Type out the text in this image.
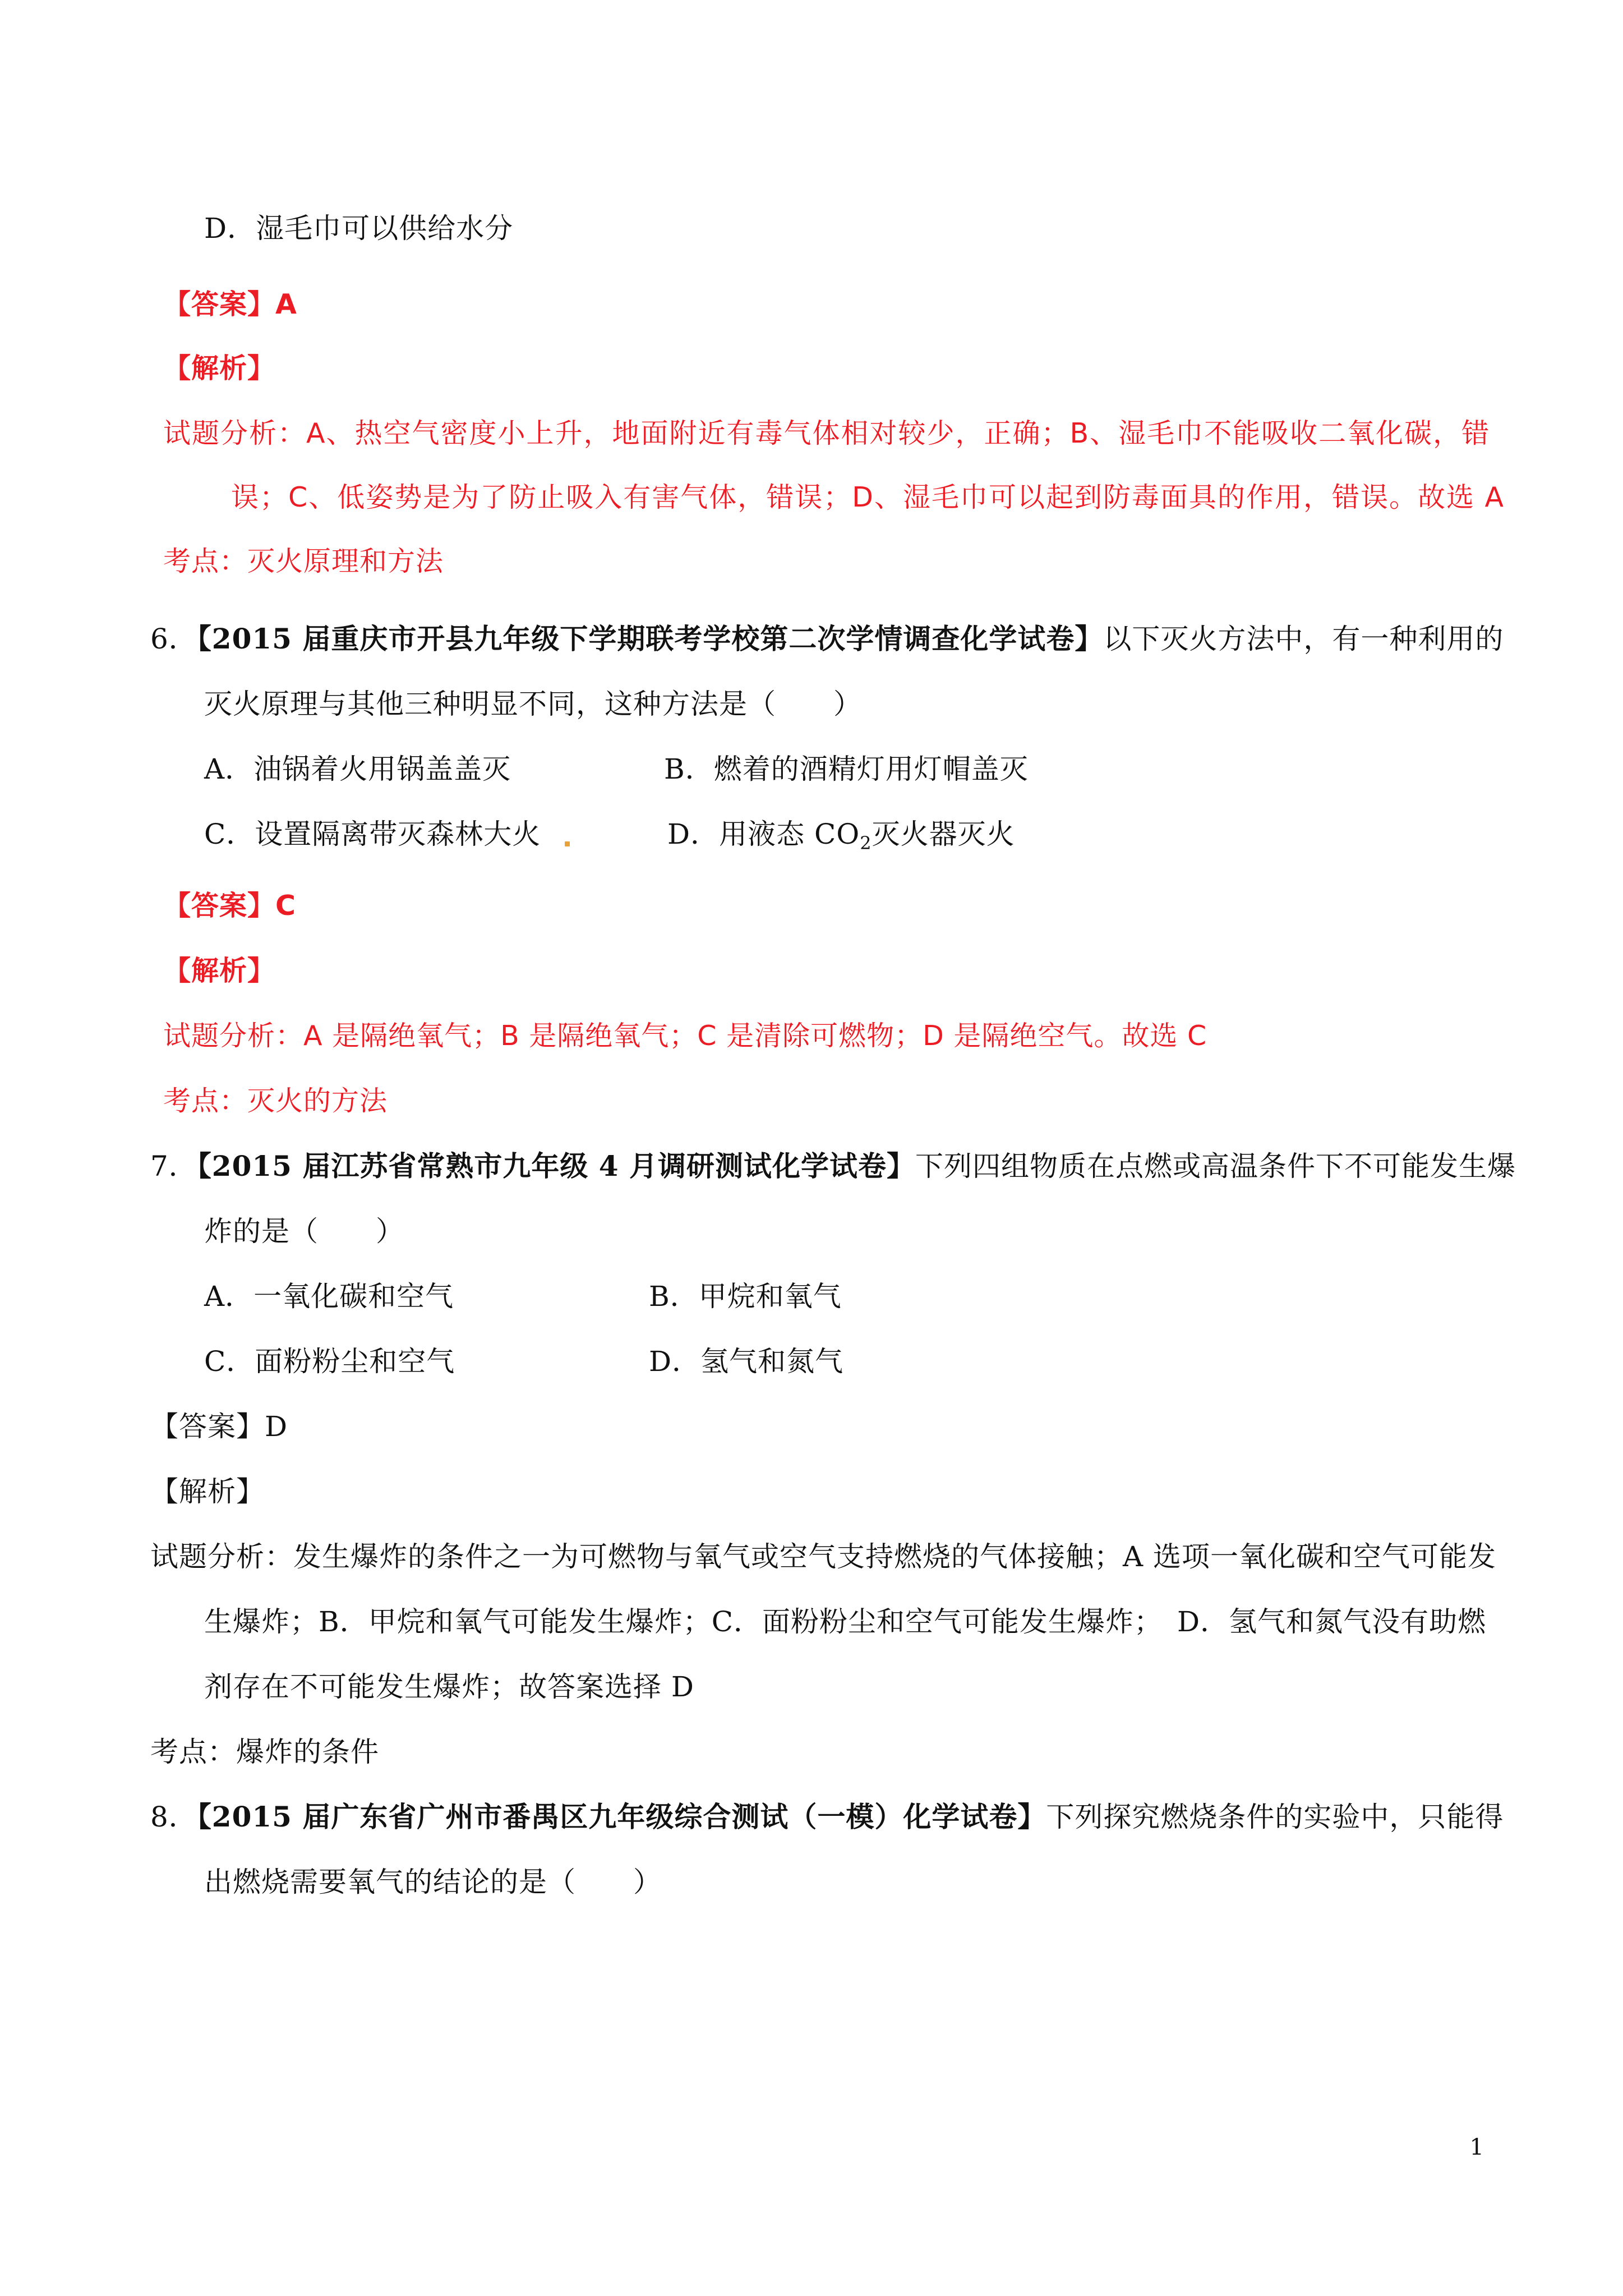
D．湿毛巾可以供给水分
【答案】A
【解析】
试题分析：A、热空气密度小上升，地面附近有毒气体相对较少，正确；B、湿毛巾不能吸收二氧化碳，错
误；C、低姿势是为了防止吸入有害气体，错误；D、湿毛巾可以起到防毒面具的作用，错误。故选 A
考点：灭火原理和方法
6．【2015 届重庆市开县九年级下学期联考学校第二次学情调查化学试卷】以下灭火方法中，有一种利用的
灭火原理与其他三种明显不同，这种方法是（　　）
A．油锅着火用锅盖盖灭	B．燃着的酒精灯用灯帽盖灭
C．设置隔离带灭森林大火	D．用液态 $CO_2$灭火器灭火
【答案】C
【解析】
试题分析：A 是隔绝氧气；B 是隔绝氧气；C 是清除可燃物；D 是隔绝空气。故选 C
考点：灭火的方法
7．【2015 届江苏省常熟市九年级 4 月调研测试化学试卷】下列四组物质在点燃或高温条件下不可能发生爆
炸的是（　　）
A．一氧化碳和空气	B．甲烷和氧气
C．面粉粉尘和空气	D．氢气和氮气
【答案】D
【解析】
试题分析：发生爆炸的条件之一为可燃物与氧气或空气支持燃烧的气体接触；A 选项一氧化碳和空气可能发
生爆炸；B．甲烷和氧气可能发生爆炸；C．面粉粉尘和空气可能发生爆炸；　D．氢气和氮气没有助燃
剂存在不可能发生爆炸；故答案选择 D
考点：爆炸的条件
8．【2015 届广东省广州市番禺区九年级综合测试（一模）化学试卷】下列探究燃烧条件的实验中，只能得
出燃烧需要氧气的结论的是（　　）
1
